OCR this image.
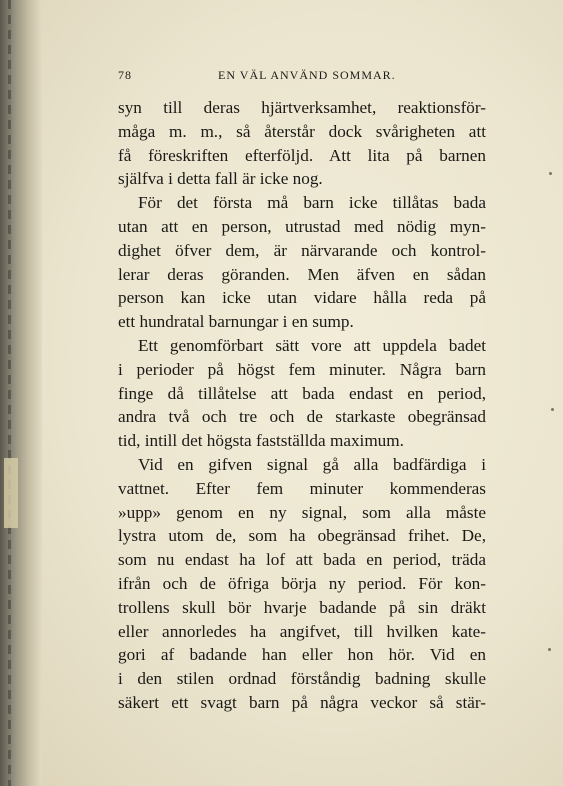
78	EN VÄL ANVÄND SOMMAR.
syn till deras hjärtverksamhet, reaktionsför-
måga m. m., så återstår dock svårigheten att
få föreskriften efterföljd. Att lita på barnen
själfva i detta fall är icke nog.
För det första må barn icke tillåtas bada
utan att en person, utrustad med nödig myn-
dighet öfver dem, är närvarande och kontrol-
lerar deras göranden. Men äfven en sådan
person kan icke utan vidare hålla reda på
ett hundratal barnungar i en sump.
Ett genomförbart sätt vore att uppdela badet
i perioder på högst fem minuter. Några barn
finge då tillåtelse att bada endast en period,
andra två och tre och de starkaste obegränsad
tid, intill det högsta fastställda maximum.
Vid en gifven signal gå alla badfärdiga i
vattnet. Efter fem minuter kommenderas
»upp» genom en ny signal, som alla måste
lystra utom de, som ha obegränsad frihet. De,
som nu endast ha lof att bada en period, träda
ifrån och de öfriga börja ny period. För kon-
trollens skull bör hvarje badande på sin dräkt
eller annorledes ha angifvet, till hvilken kate-
gori af badande han eller hon hör. Vid en
i den stilen ordnad förståndig badning skulle
säkert ett svagt barn på några veckor så stär-
